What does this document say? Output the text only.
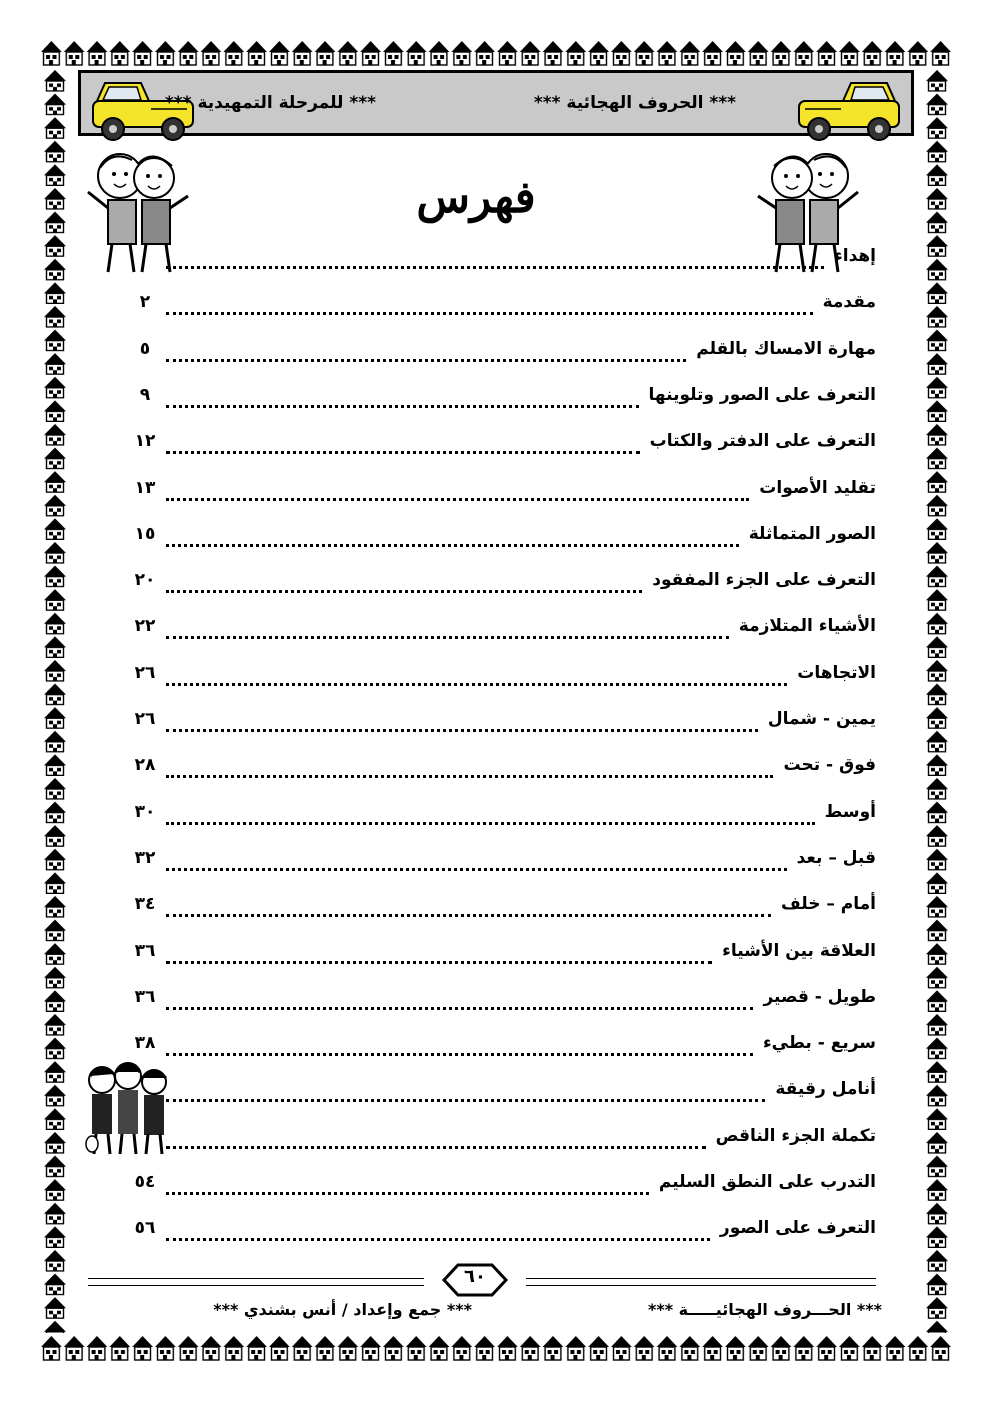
*** الحروف الهجائية ***
*** للمرحلة التمهيدية ***
فهرس
إهداء
مقدمة
٢
مهارة الامساك بالقلم
٥
التعرف على الصور وتلوينها
٩
التعرف على الدفتر والكتاب
١٢
تقليد الأصوات
١٣
الصور المتماثلة
١٥
التعرف على الجزء المفقود
٢٠
الأشياء المتلازمة
٢٢
الاتجاهات
٢٦
يمين - شمال
٢٦
فوق - تحت
٢٨
أوسط
٣٠
قبل – بعد
٣٢
أمام – خلف
٣٤
العلاقة بين الأشياء
٣٦
طويل - قصير
٣٦
سريع - بطيء
٣٨
أنامل رقيقة
تكملة الجزء الناقص
التدرب على النطق السليم
٥٤
التعرف على الصور
٥٦
٦٠
*** الحـــروف الهجائيـــــة ***
*** جمع وإعداد / أنس بشندي ***
